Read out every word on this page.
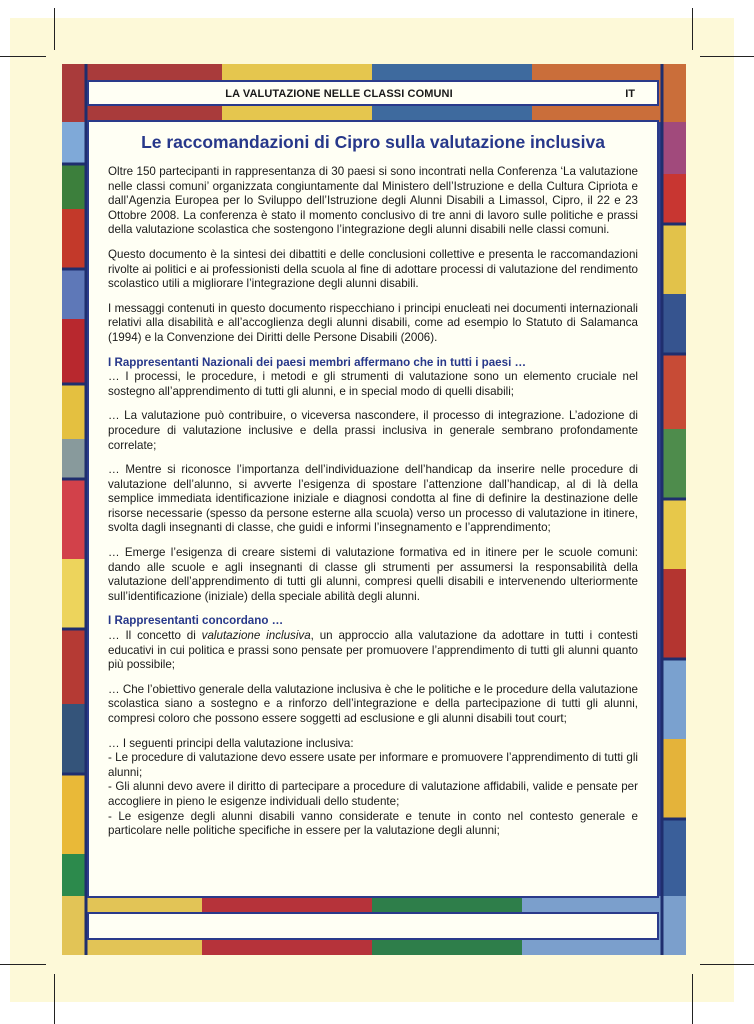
LA VALUTAZIONE NELLE CLASSI COMUNI	IT
Le raccomandazioni di Cipro sulla valutazione inclusiva

Oltre 150 partecipanti in rappresentanza di 30 paesi si sono incontrati nella Conferenza ‘La valutazione nelle classi comuni’ organizzata congiuntamente dal Ministero dell’Istruzione e della Cultura Cipriota e dall’Agenzia Europea per lo Sviluppo dell’Istruzione degli Alunni Disabili a Limassol, Cipro, il 22 e 23 Ottobre 2008. La conferenza è stato il momento conclusivo di tre anni di lavoro sulle politiche e prassi della valutazione scolastica che sostengono l’integrazione degli alunni disabili nelle classi comuni.

Questo documento è la sintesi dei dibattiti e delle conclusioni collettive e presenta le raccomandazioni rivolte ai politici e ai professionisti della scuola al fine di adottare processi di valutazione del rendimento scolastico utili a migliorare l’integrazione degli alunni disabili.

I messaggi contenuti in questo documento rispecchiano i principi enucleati nei documenti internazionali relativi alla disabilità e all’accoglienza degli alunni disabili, come ad esempio lo Statuto di Salamanca (1994) e la Convenzione dei Diritti delle Persone Disabili (2006).

I Rappresentanti Nazionali dei paesi membri affermano che in tutti i paesi …

… I processi, le procedure, i metodi e gli strumenti di valutazione sono un elemento cruciale nel sostegno all’apprendimento di tutti gli alunni, e in special modo di quelli disabili;

… La valutazione può contribuire, o viceversa nascondere, il processo di integrazione. L’adozione di procedure di valutazione inclusive e della prassi inclusiva in generale sembrano profondamente correlate;

… Mentre si riconosce l’importanza dell’individuazione dell’handicap da inserire nelle procedure di valutazione dell’alunno, si avverte l’esigenza di spostare l’attenzione dall’handicap, al di là della semplice immediata identificazione iniziale e diagnosi condotta al fine di definire la destinazione delle risorse necessarie (spesso da persone esterne alla scuola) verso un processo di valutazione in itinere, svolta dagli insegnanti di classe, che guidi e informi l’insegnamento e l’apprendimento;

… Emerge l’esigenza di creare sistemi di valutazione formativa ed in itinere per le scuole comuni: dando alle scuole e agli insegnanti di classe gli strumenti per assumersi la responsabilità della valutazione dell’apprendimento di tutti gli alunni, compresi quelli disabili e intervenendo ulteriormente sull’identificazione (iniziale) della speciale abilità degli alunni.

I Rappresentanti concordano …

… Il concetto di valutazione inclusiva, un approccio alla valutazione da adottare in tutti i contesti educativi in cui politica e prassi sono pensate per promuovere l’apprendimento di tutti gli alunni quanto più possibile;

… Che l’obiettivo generale della valutazione inclusiva è che le politiche e le procedure della valutazione scolastica siano a sostegno e a rinforzo dell’integrazione e della partecipazione di tutti gli alunni, compresi coloro che possono essere soggetti ad esclusione e gli alunni disabili tout court;

… I seguenti principi della valutazione inclusiva:
- Le procedure di valutazione devo essere usate per informare e promuovere l’apprendimento di tutti gli alunni;
- Gli alunni devo avere il diritto di partecipare a procedure di valutazione affidabili, valide e pensate per accogliere in pieno le esigenze individuali dello studente;
- Le esigenze degli alunni disabili vanno considerate e tenute in conto nel contesto generale e particolare nelle politiche specifiche in essere per la valutazione degli alunni;
